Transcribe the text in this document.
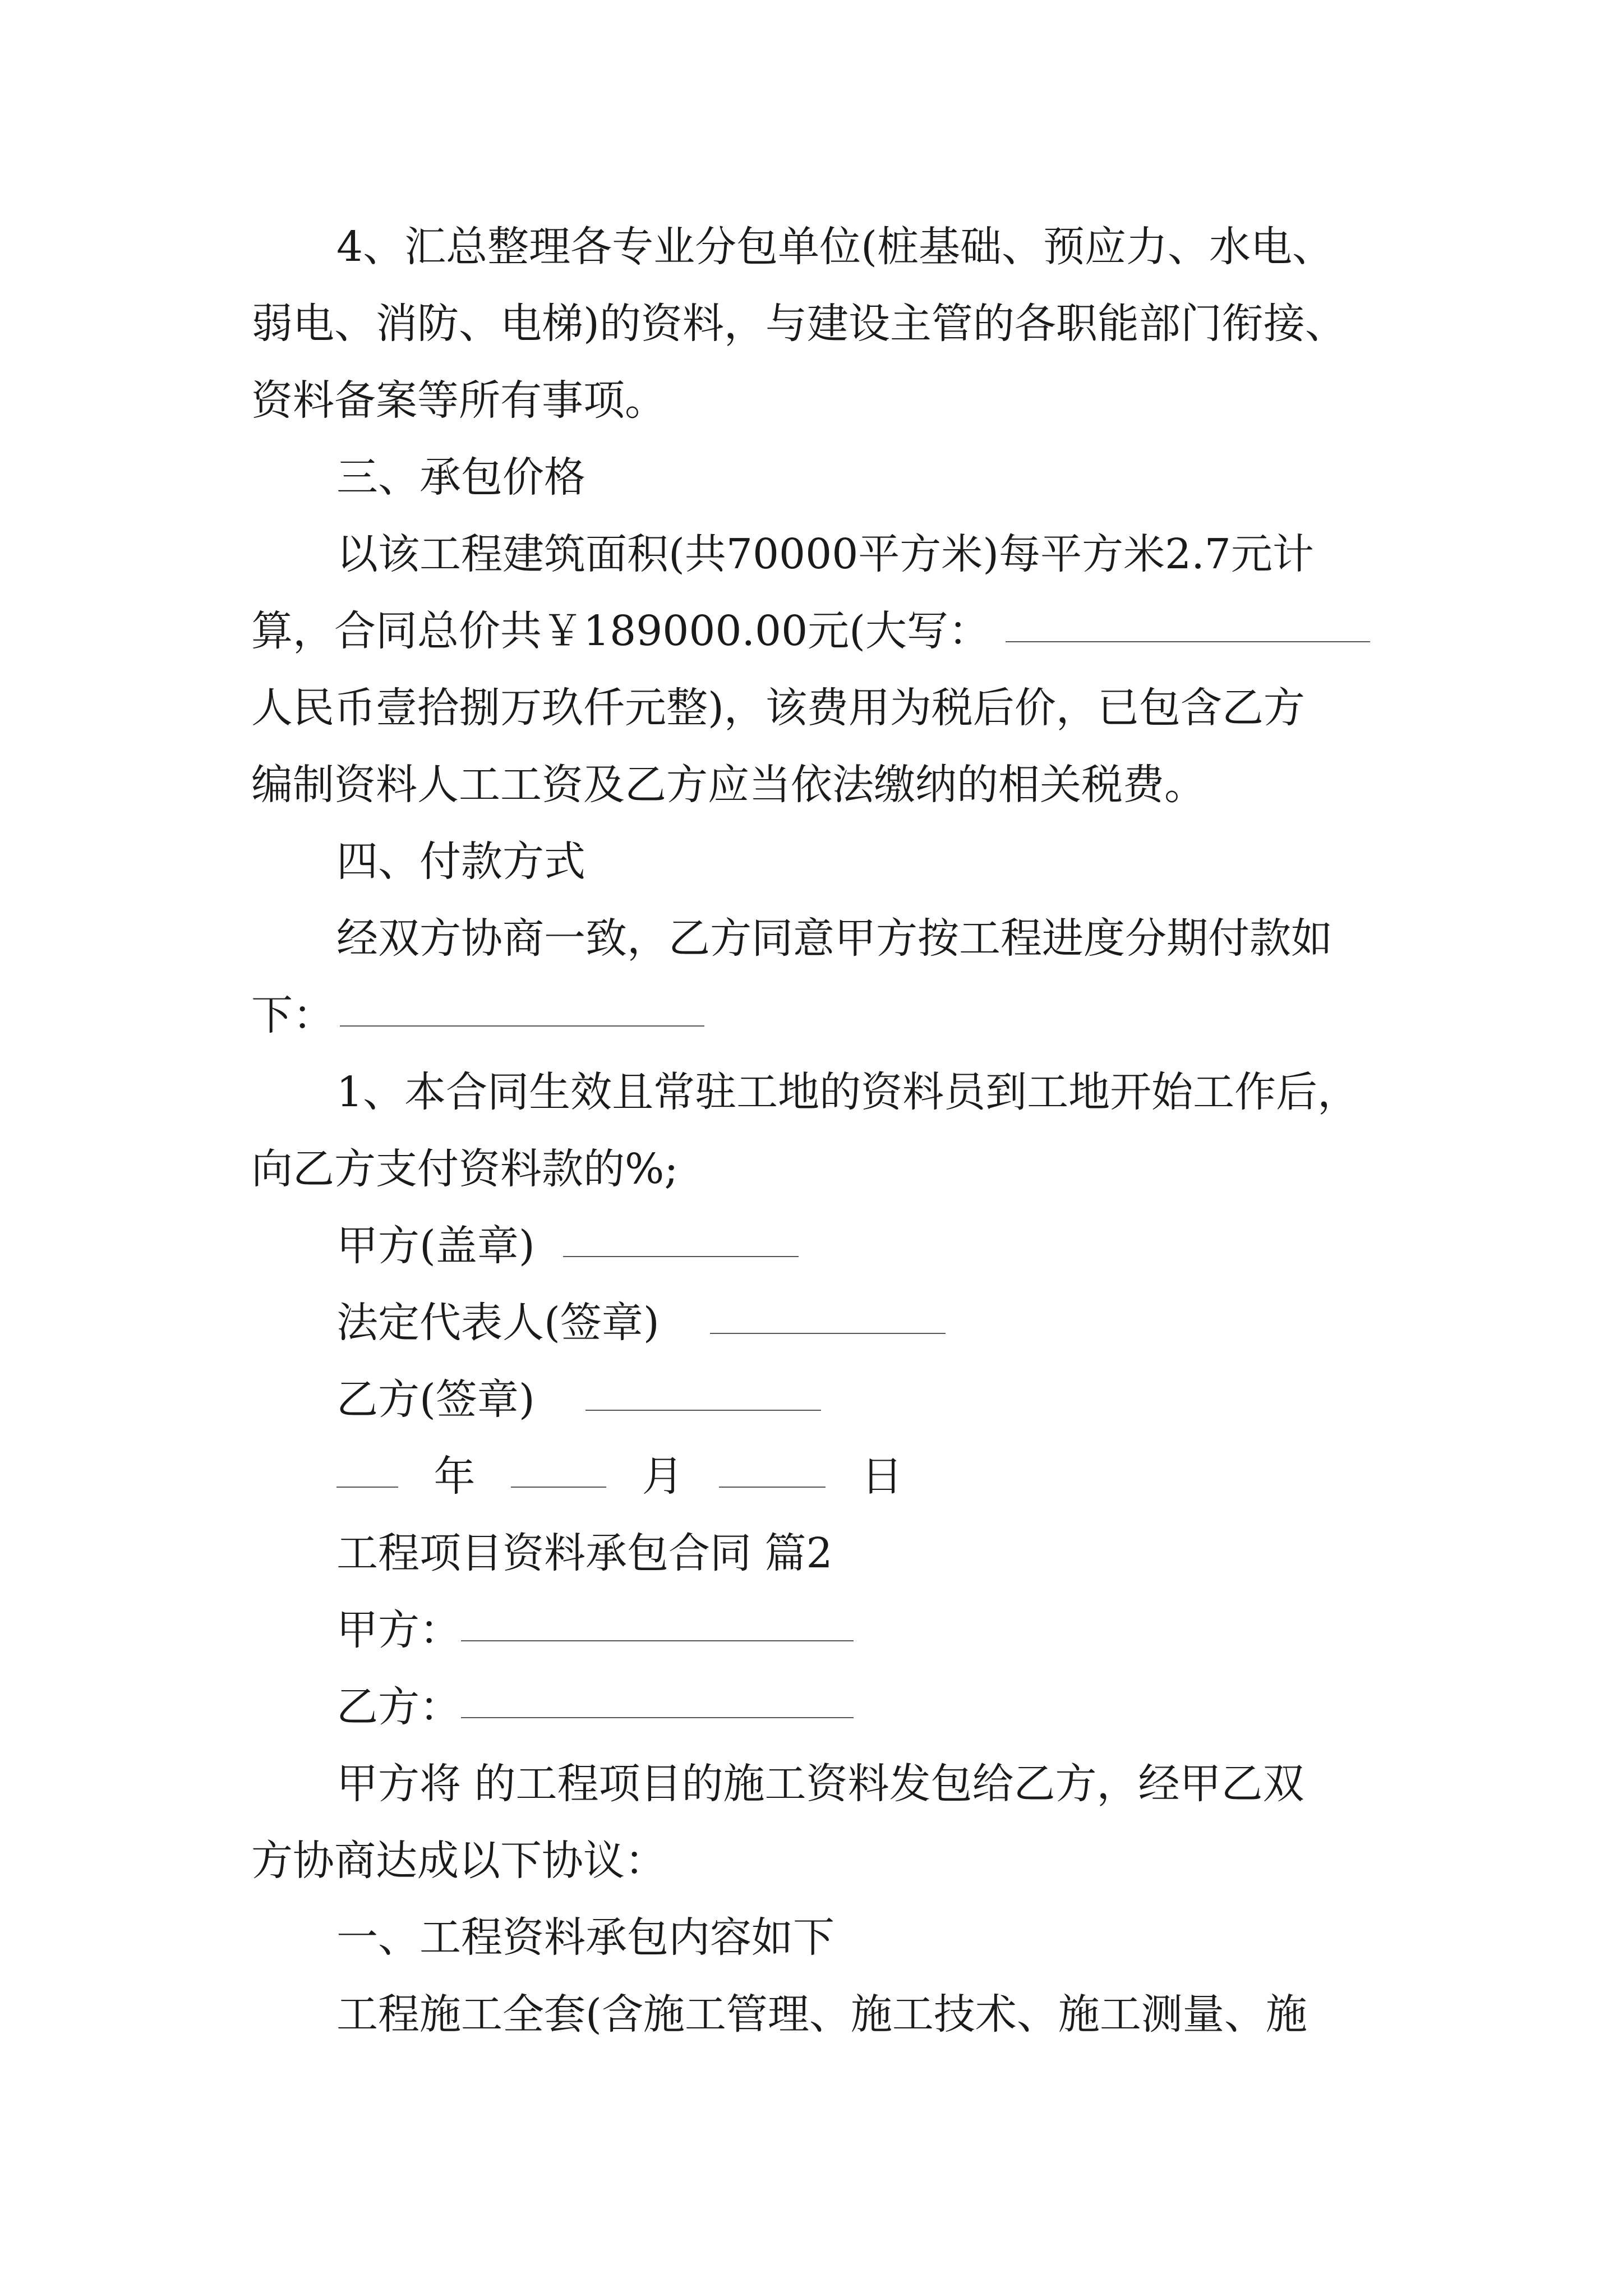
4、汇总整理各专业分包单位(桩基础、预应力、水电、

弱电、消防、电梯)的资料，与建设主管的各职能部门衔接、

资料备案等所有事项。

三、承包价格

以该工程建筑面积(共70000平方米)每平方米2.7元计

算，合同总价共￥189000.00元(大写：

人民币壹拾捌万玖仟元整)，该费用为税后价，已包含乙方

编制资料人工工资及乙方应当依法缴纳的相关税费。

四、付款方式

经双方协商一致，乙方同意甲方按工程进度分期付款如

下：

1、本合同生效且常驻工地的资料员到工地开始工作后，

向乙方支付资料款的%;

甲方(盖章)

法定代表人(签章)

乙方(签章)

年	月	日

工程项目资料承包合同 篇2

甲方：

乙方：

甲方将 的工程项目的施工资料发包给乙方，经甲乙双

方协商达成以下协议：

一、工程资料承包内容如下

工程施工全套(含施工管理、施工技术、施工测量、施
